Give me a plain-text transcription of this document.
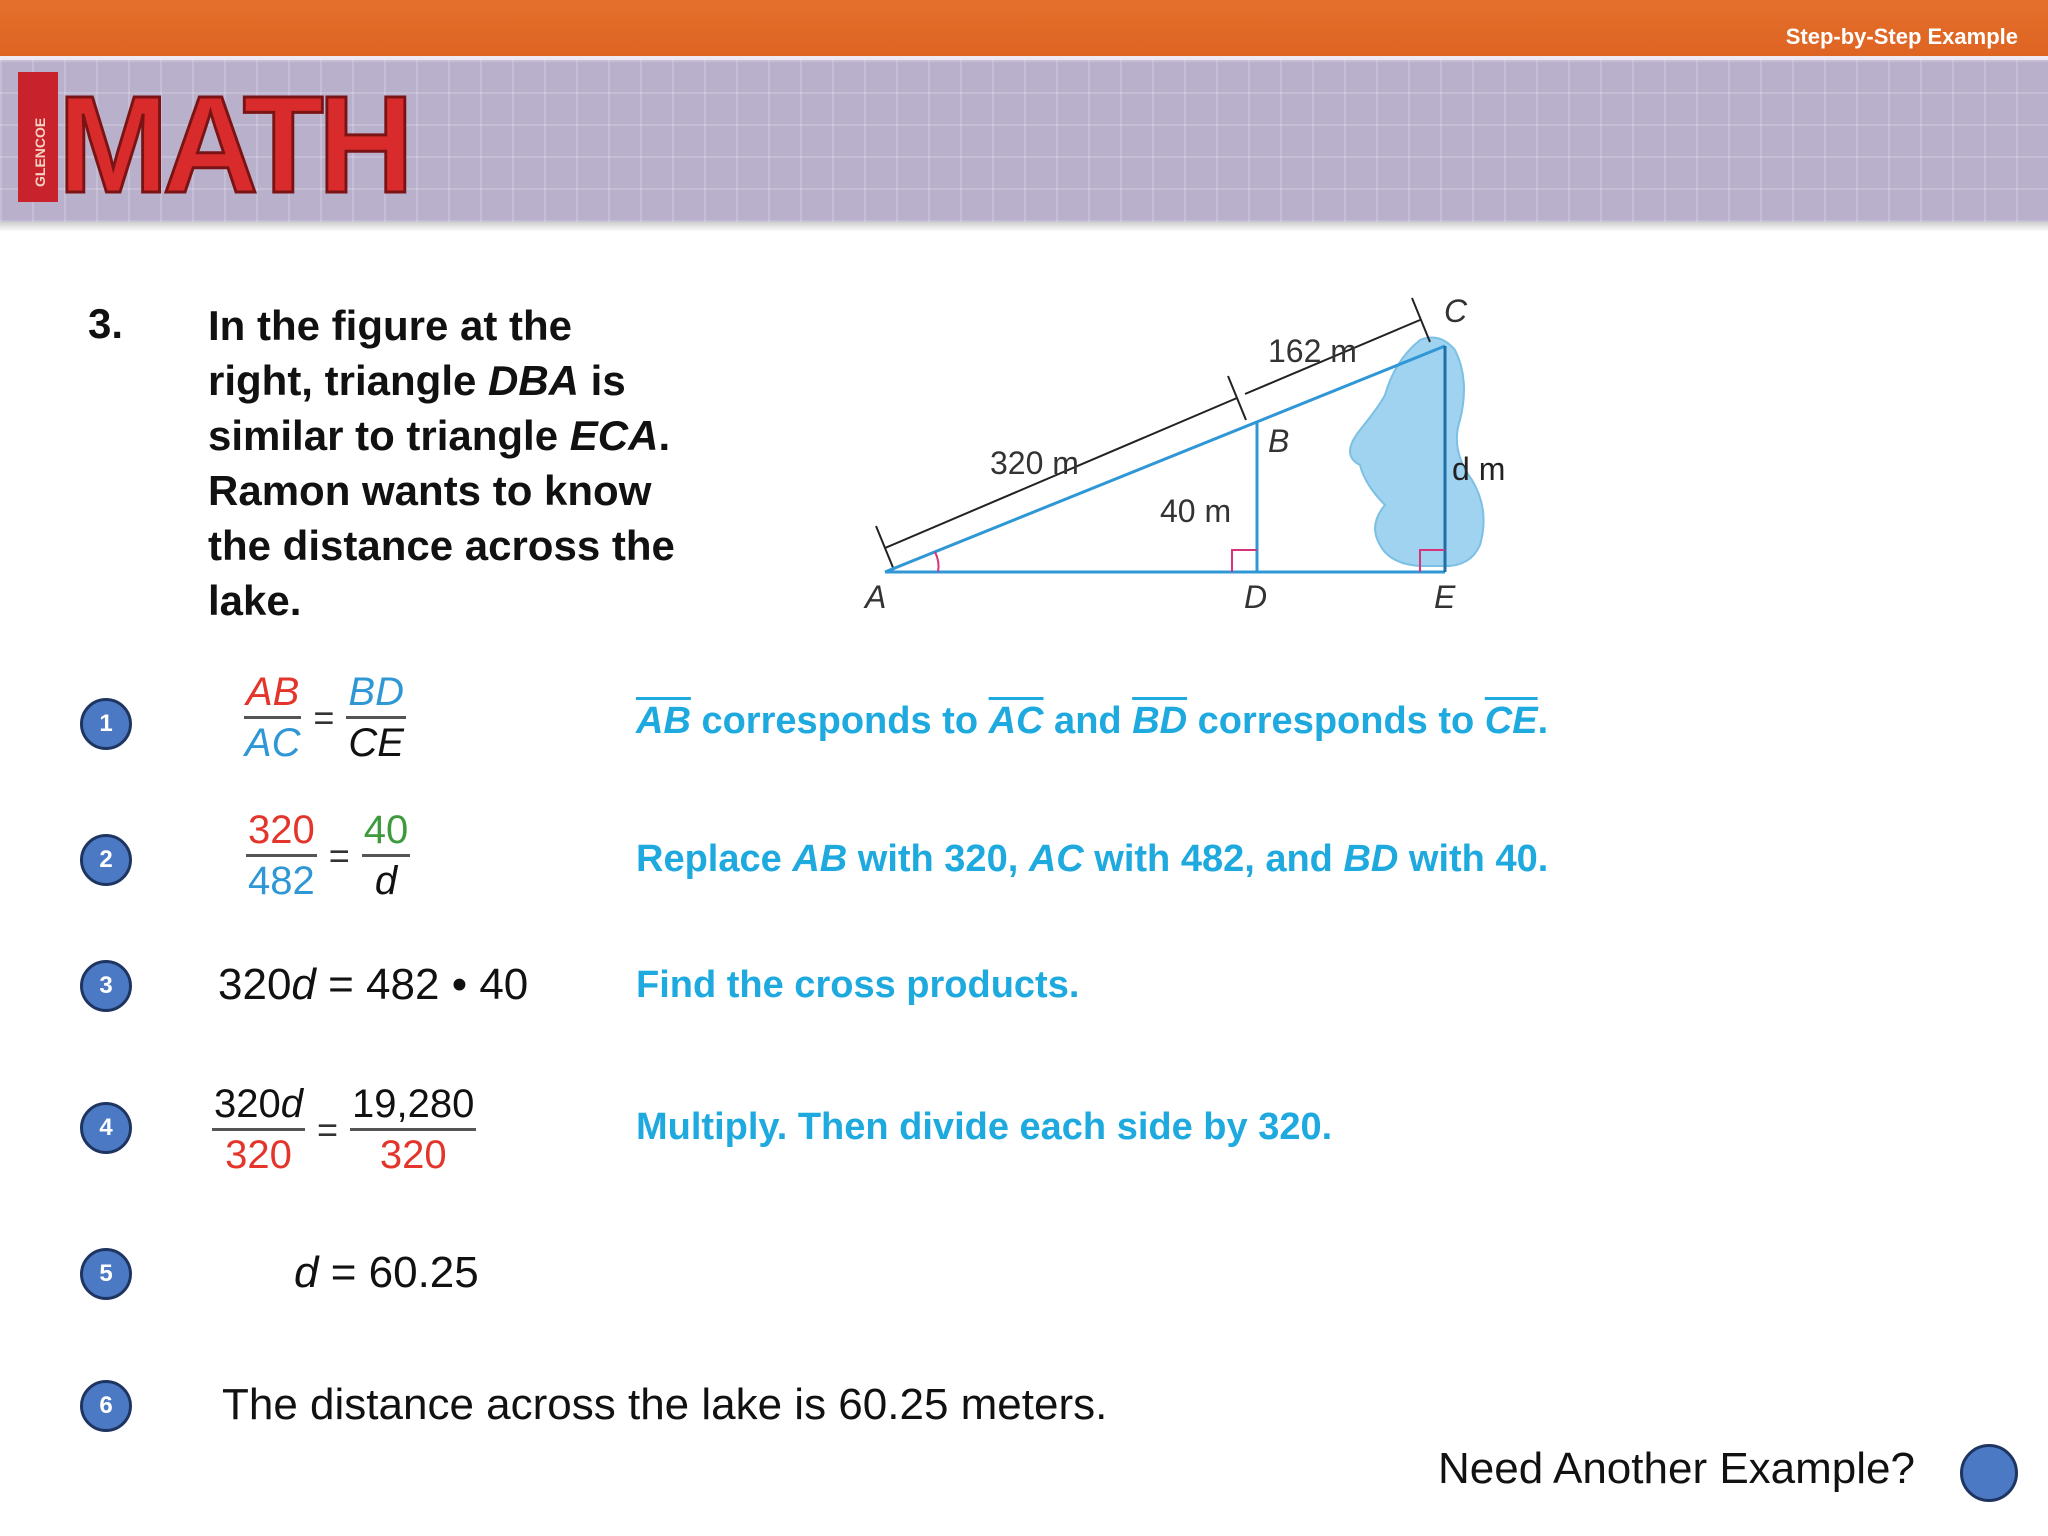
Step-by-Step Example
GLENCOE MATH
3. In the figure at the right, triangle DBA is similar to triangle ECA. Ramon wants to know the distance across the lake.	A
B
C
D	E
320 m
162 m
40 m
d m
1	$\frac{AB}{AC} = \frac{BD}{CE}$	$\overline{AB}$ corresponds to $\overline{AC}$ and $\overline{BD}$ corresponds to $\overline{CE}$.
2	$\frac{320}{482} = \frac{40}{d}$	Replace AB with 320, AC with 482, and BD with 40.
3	320d = 482 • 40	Find the cross products.
4	$\frac{320d}{320} = \frac{19,280}{320}$	Multiply. Then divide each side by 320.
5	d = 60.25
6	The distance across the lake is 60.25 meters.
Need Another Example?
